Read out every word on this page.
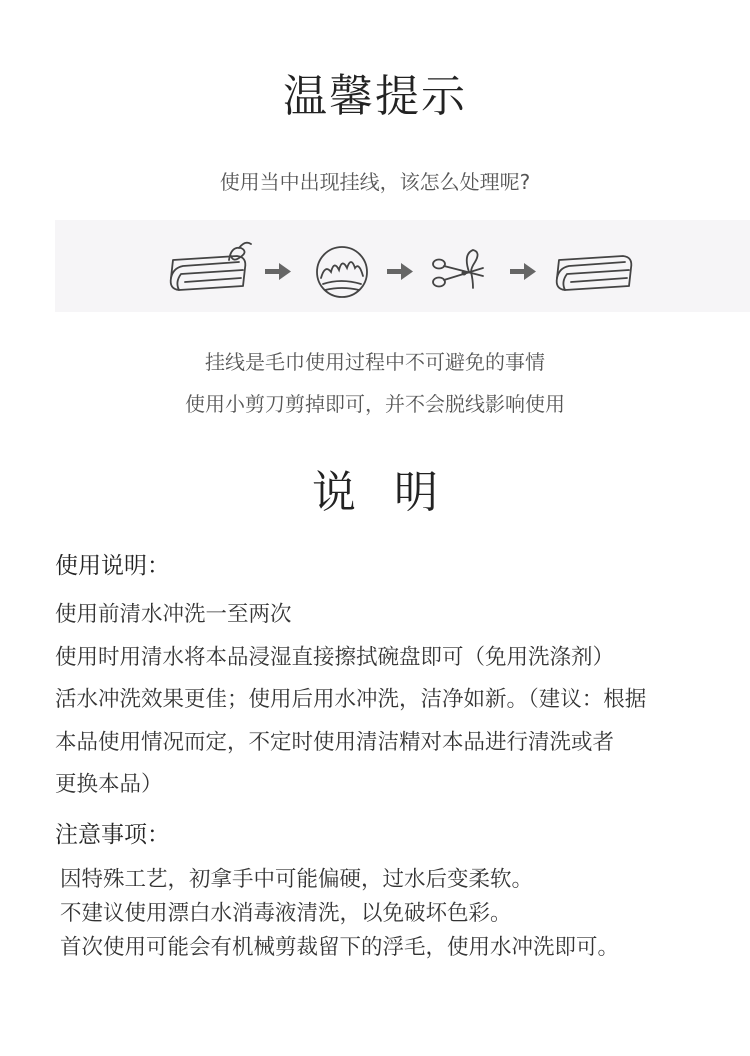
温馨提示
使用当中出现挂线，该怎么处理呢?
挂线是毛巾使用过程中不可避免的事情
使用小剪刀剪掉即可，并不会脱线影响使用
说明
使用说明：
使用前清水冲洗一至两次
使用时用清水将本品浸湿直接擦拭碗盘即可（免用洗涤剂）
活水冲洗效果更佳；使用后用水冲洗，洁净如新。（建议：根据
本品使用情况而定，不定时使用清洁精对本品进行清洗或者
更换本品）
注意事项：
因特殊工艺，初拿手中可能偏硬，过水后变柔软。
不建议使用漂白水消毒液清洗，以免破坏色彩。
首次使用可能会有机械剪裁留下的浮毛，使用水冲洗即可。
